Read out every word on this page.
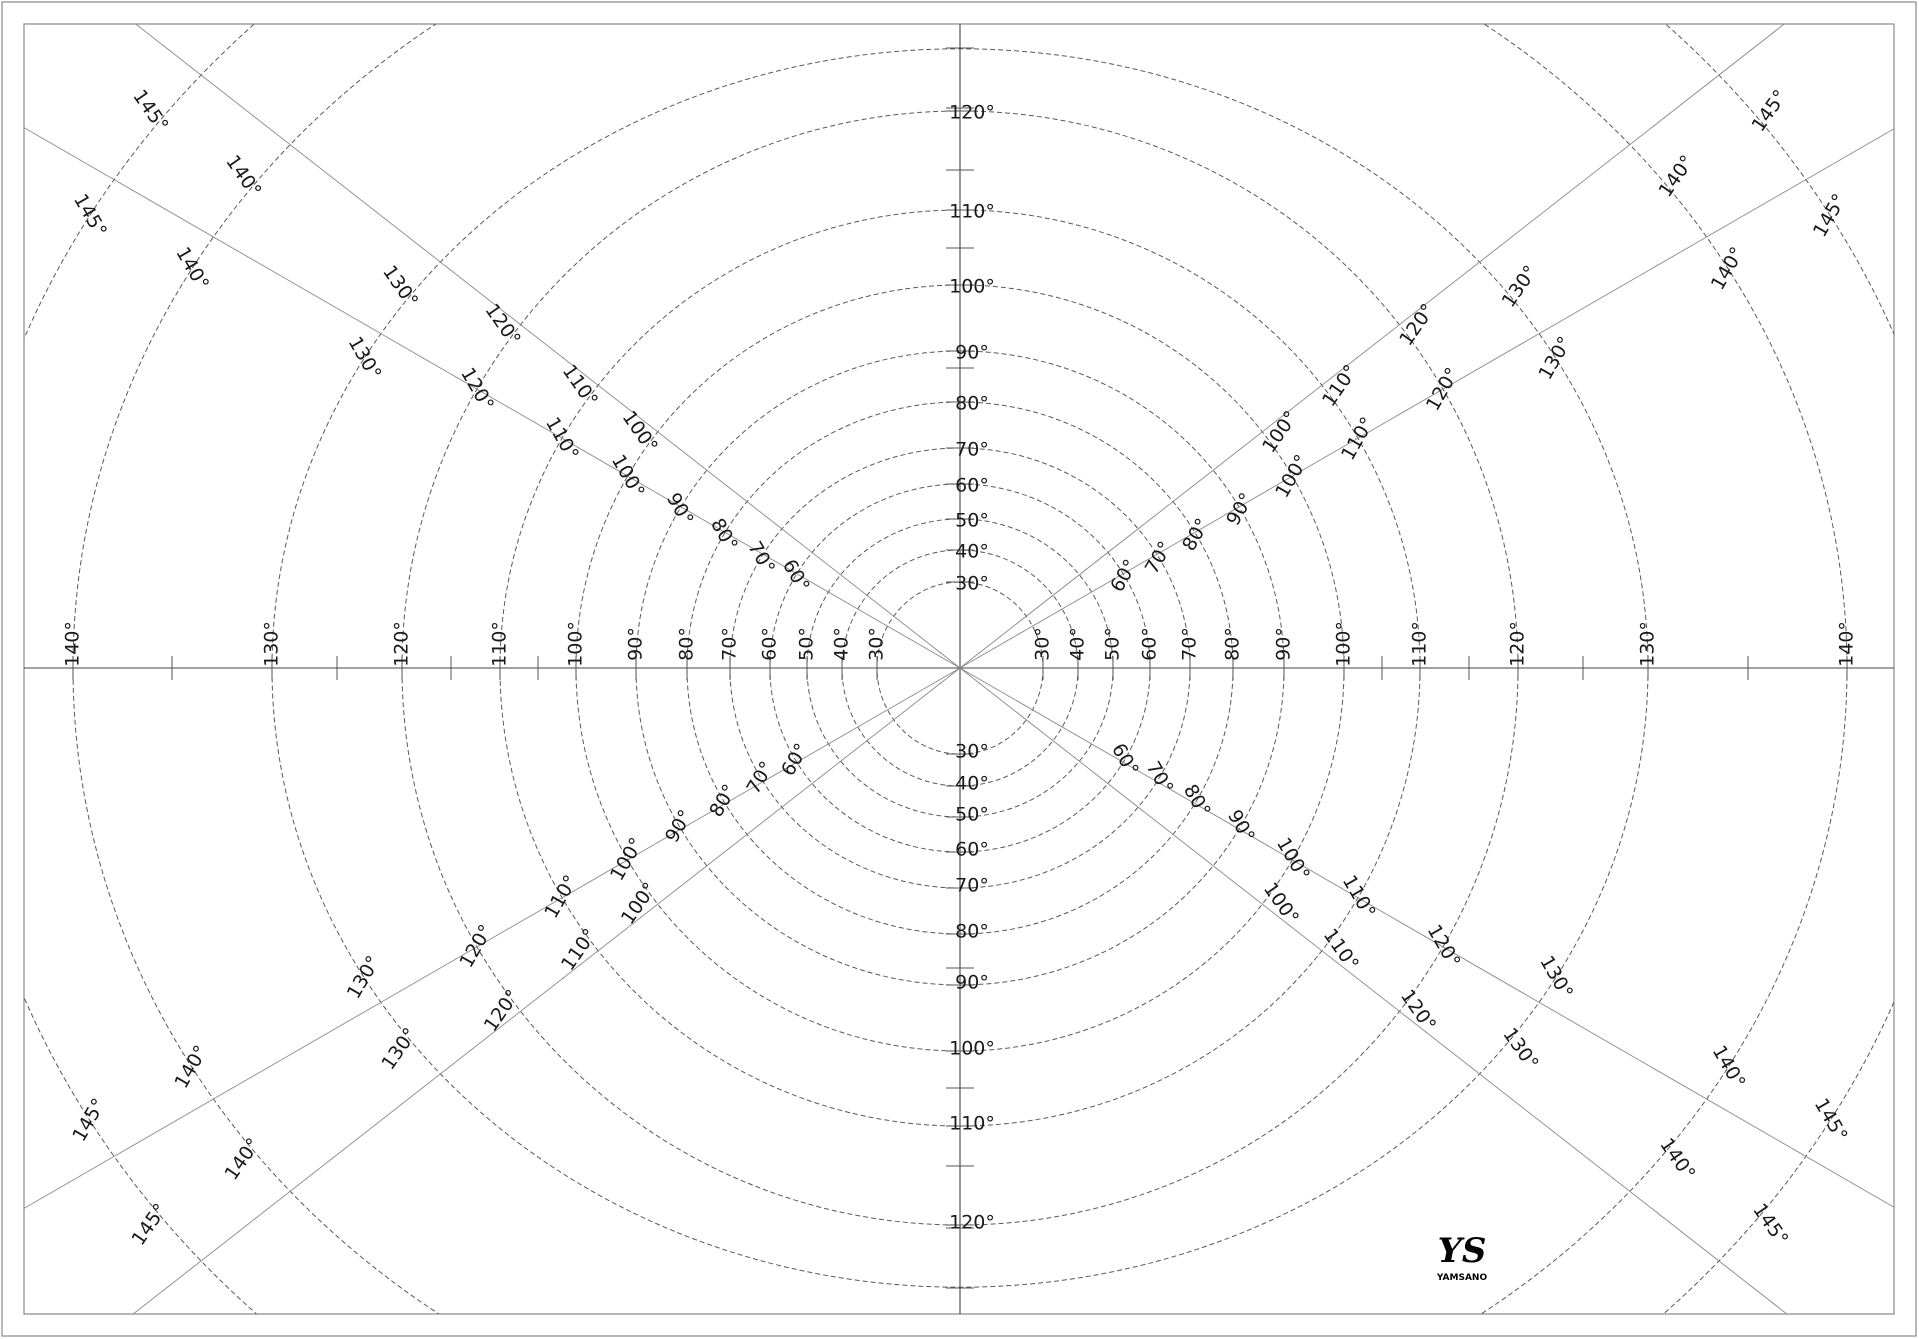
30°
30°	40°
40°	50°
50°	60°
60°	70°
70°	80°
80°	90°
90°	100°
100°	110°
110°	120°
120°	130°
130°	140°
140°
30°
30°
40°
40°
50°
50°
60°
60°
70°
70°
80°
80°
90°
90°
100°
100°
110°
110°
120°
120°
60°
70°
80°
90°
100°
110°
120°
130°
140°
145°
60°
70°
80°
90°
100°
110°
120°
130°
140°
145°
60°
70°
80°
90°
100°
110°
120°
130°
140°
145°
60°
70°
80°
90°
100°
110°
120°
130°
140°
145°
100°
110°
120°
130°
140°
145°
100°
110°
120°
130°
140°
145°
100°
110°
120°
130°
140°
145°
100°
110°
120°
130°
140°
145°
YS
YAMSANO
